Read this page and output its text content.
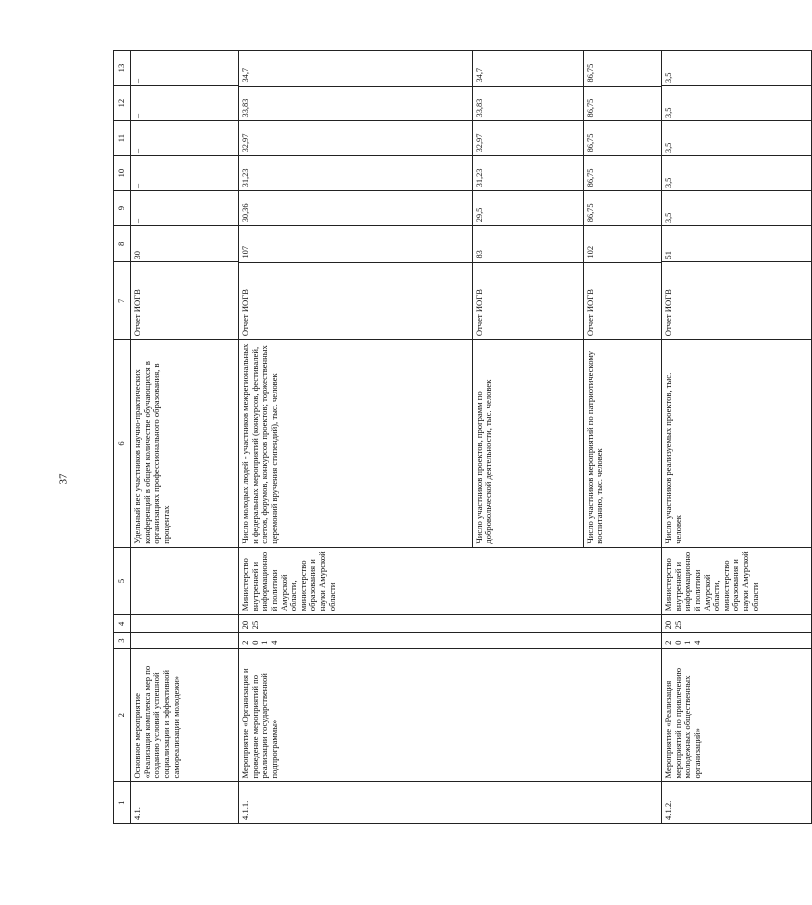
37
1	2	3	4	5	6	7	8	9	10	11	12	13
4.1.	Основное мероприятие «Реализация комплекса мер по созданию условий успешной социализации и эффективной самореализации молодежи»				Удельный вес участников научно-практических конференций в общем количестве обучающихся в организациях профессионального образования, в процентах	Отчет ИОГВ	30	–	–	–	–	–
4.1.1.	Мероприятие «Организация и проведение мероприятий по реализации государственной подпрограммы»	2014	2025	Министерство внутренней и информационной политики Амурской области, министерство образования и науки Амурской области	
Число молодых людей - участников межрегиональных и федеральных мероприятий (конкурсов, фестивалей, слетов, форумов, конкурсов проектов; торжественных церемоний вручения стипендий), тыс. человек	Отчет ИОГВ	107	30,36	31,23	32,97	33,83	34,7
Число участников проектов, программ по добровольческой деятельности, тыс. человек	Отчет ИОГВ	83	29,5	31,23	32,97	33,83	34,7
Число участников мероприятий по патриотическому воспитанию, тыс. человек	Отчет ИОГВ	102	86,75	86,75	86,75	86,75	86,75

4.1.2.	Мероприятие «Реализация мероприятий по привлечению молодежных общественных организаций»	2014	2025	Министерство внутренней и информационной политики Амурской области, министерство образования и науки Амурской области	Число участников реализуемых проектов, тыс. человек	Отчет ИОГВ	51	3,5	3,5	3,5	3,5	3,5
